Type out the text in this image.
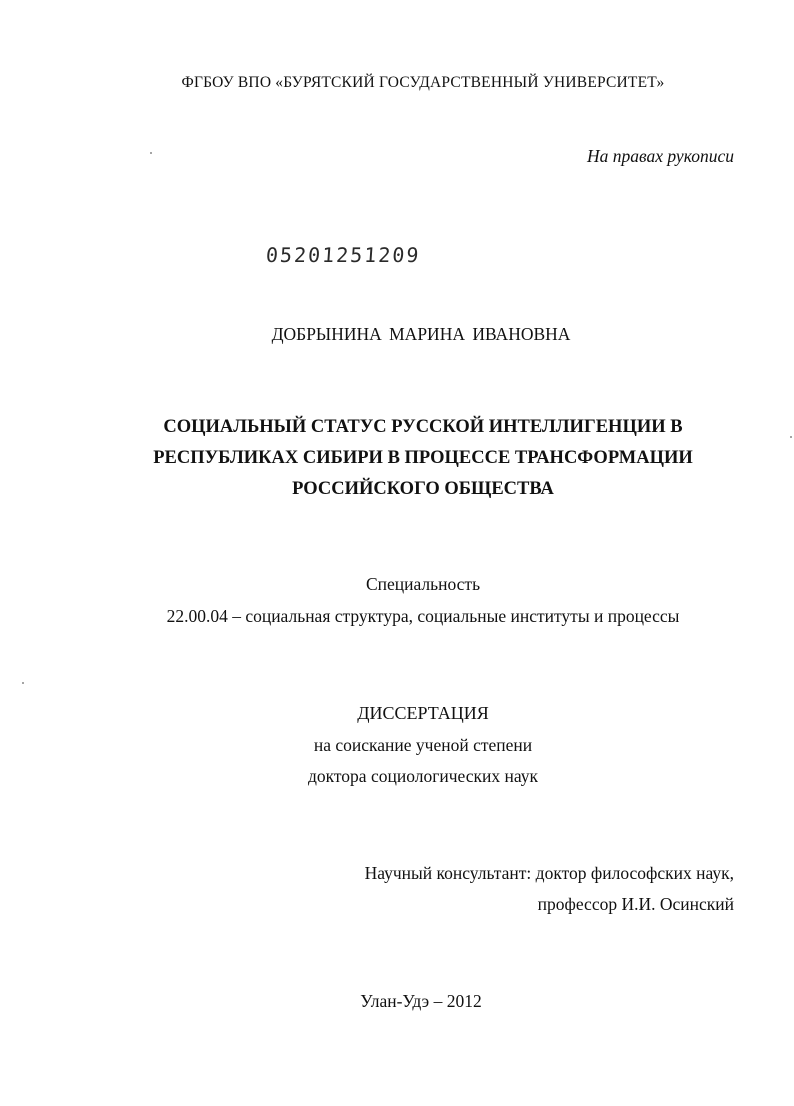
ФГБОУ ВПО «БУРЯТСКИЙ ГОСУДАРСТВЕННЫЙ УНИВЕРСИТЕТ»
На правах рукописи
05201251209
ДОБРЫНИНА МАРИНА ИВАНОВНА
СОЦИАЛЬНЫЙ СТАТУС РУССКОЙ ИНТЕЛЛИГЕНЦИИ В
РЕСПУБЛИКАХ СИБИРИ В ПРОЦЕССЕ ТРАНСФОРМАЦИИ
РОССИЙСКОГО ОБЩЕСТВА
Специальность
22.00.04 – социальная структура, социальные институты и процессы
ДИССЕРТАЦИЯ
на соискание ученой степени
доктора социологических наук
Научный консультант: доктор философских наук,
профессор И.И. Осинский
Улан-Удэ – 2012
